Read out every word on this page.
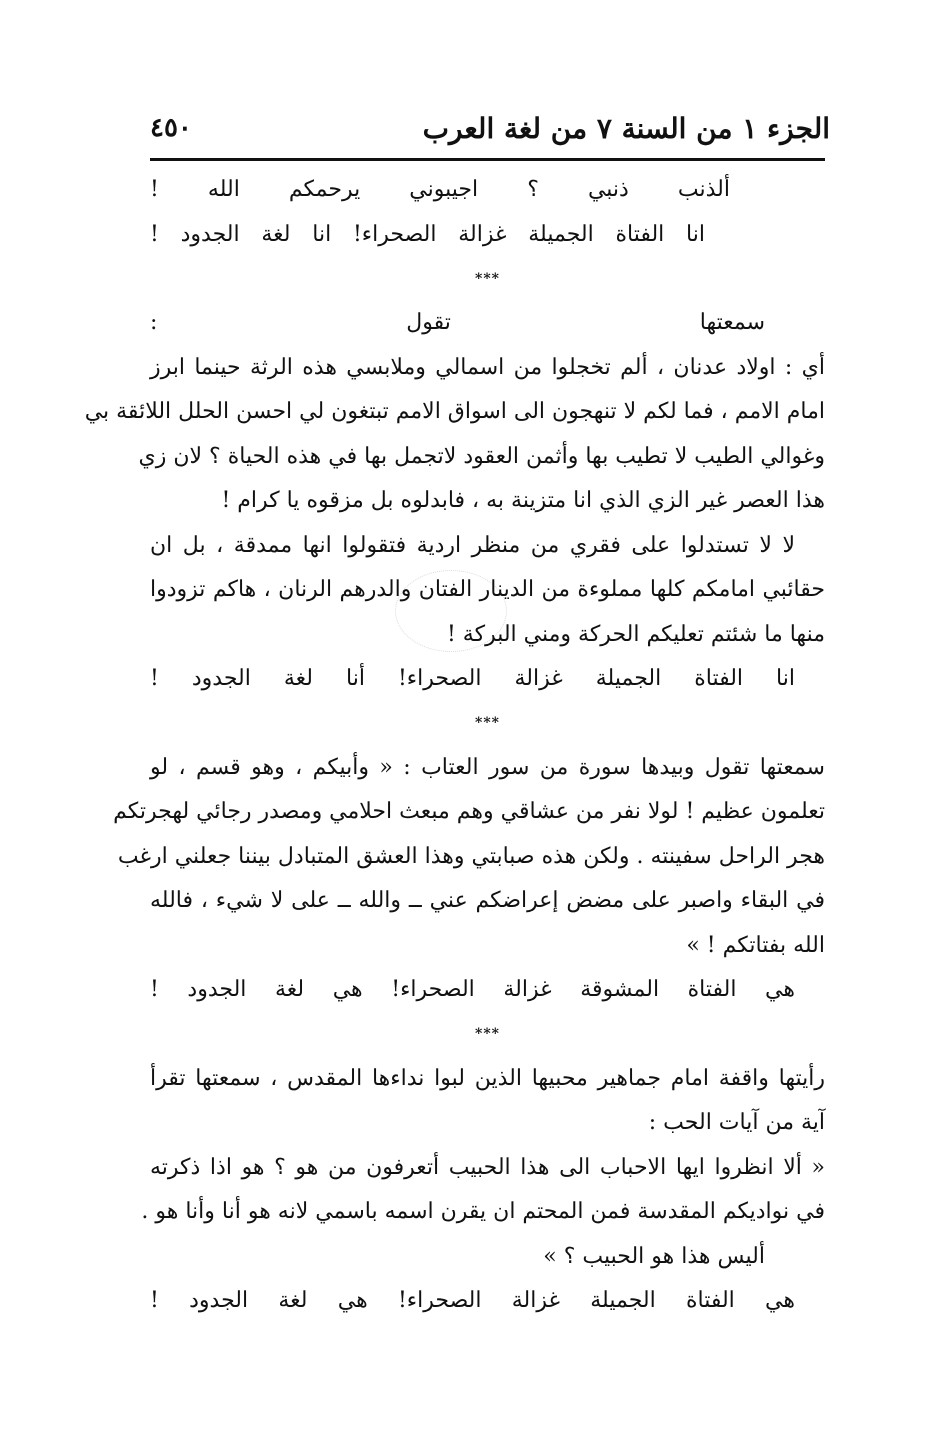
٤٥٠	الجزء ١ من السنة ٧ من لغة العرب
ألذنب ذنبي ؟ اجيبوني يرحمكم الله !
انا الفتاة الجميلة غزالة الصحراء! انا لغة الجدود !
***
سمعتها تقول :
أي : اولاد عدنان ، ألم تخجلوا من اسمالي وملابسي هذه الرثة حينما ابرز
امام الامم ، فما لكم لا تنهجون الى اسواق الامم تبتغون لي احسن الحلل اللائقة بي
وغوالي الطيب لا تطيب بها وأثمن العقود لاتجمل بها في هذه الحياة ؟ لان زي
هذا العصر غير الزي الذي انا متزينة به ، فابدلوه بل مزقوه يا كرام !
لا لا تستدلوا على فقري من منظر اردية فتقولوا انها ممدقة ، بل ان
حقائبي امامكم كلها مملوءة من الدينار الفتان والدرهم الرنان ، هاكم تزودوا
منها ما شئتم تعليكم الحركة ومني البركة !
انا الفتاة الجميلة غزالة الصحراء! أنا لغة الجدود !
***
سمعتها تقول وبيدها سورة من سور العتاب : « وأبيكم ، وهو قسم ، لو
تعلمون عظيم ! لولا نفر من عشاقي وهم مبعث احلامي ومصدر رجائي لهجرتكم
هجر الراحل سفينته . ولكن هذه صبابتي وهذا العشق المتبادل بيننا جعلني ارغب
في البقاء واصبر على مضض إعراضكم عني ــ والله ــ على لا شيء ، فالله
الله بفتاتكم ! »
هي الفتاة المشوقة غزالة الصحراء! هي لغة الجدود !
***
رأيتها واقفة امام جماهير محبيها الذين لبوا نداءها المقدس ، سمعتها تقرأ
آية من آيات الحب :
« ألا انظروا ايها الاحباب الى هذا الحبيب أتعرفون من هو ؟ هو اذا ذكرته
في نواديكم المقدسة فمن المحتم ان يقرن اسمه باسمي لانه هو أنا وأنا هو .
أليس هذا هو الحبيب ؟ »
هي الفتاة الجميلة غزالة الصحراء! هي لغة الجدود !
